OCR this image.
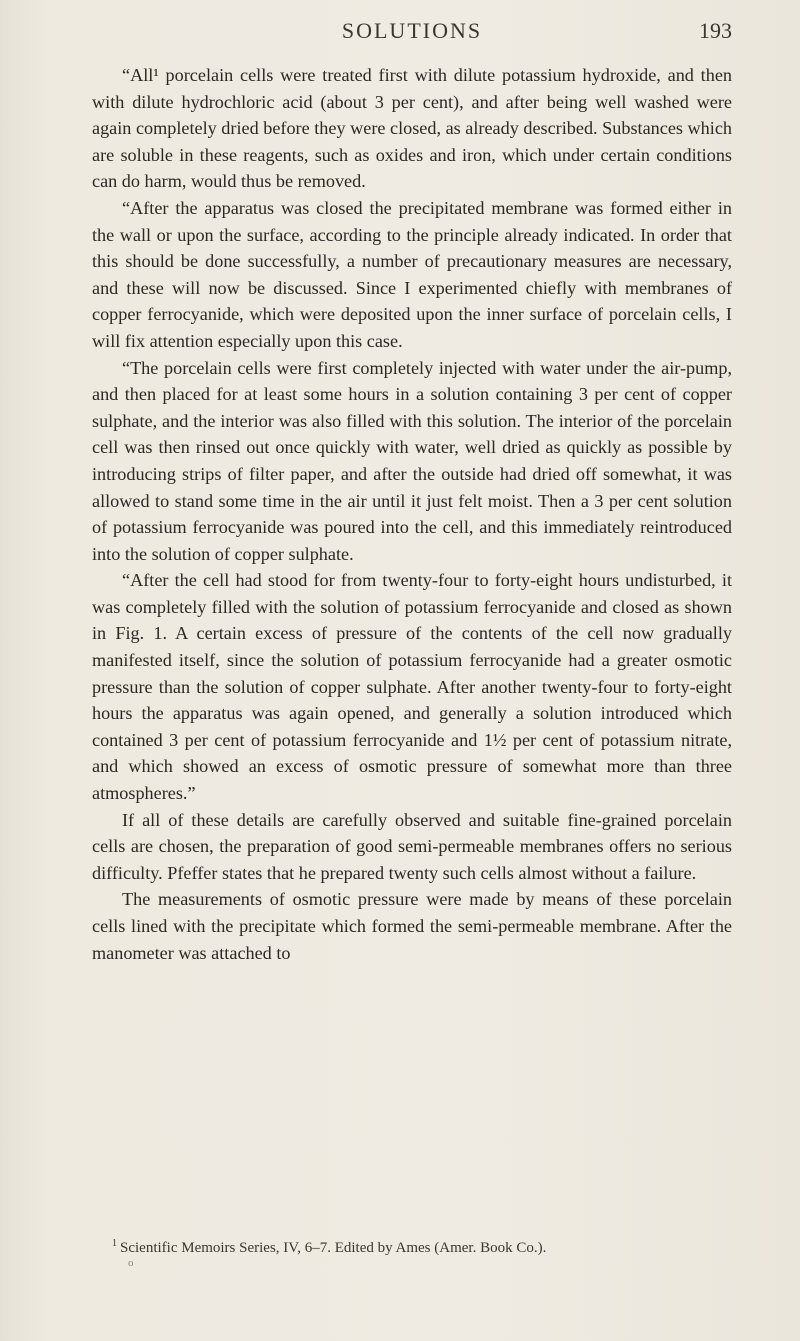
SOLUTIONS	193

“All¹ porcelain cells were treated first with dilute potassium hydroxide, and then with dilute hydrochloric acid (about 3 per cent), and after being well washed were again completely dried before they were closed, as already described. Substances which are soluble in these reagents, such as oxides and iron, which under certain conditions can do harm, would thus be removed.

“After the apparatus was closed the precipitated membrane was formed either in the wall or upon the surface, according to the principle already indicated. In order that this should be done successfully, a number of precautionary measures are necessary, and these will now be discussed. Since I experimented chiefly with membranes of copper ferrocyanide, which were deposited upon the inner surface of porcelain cells, I will fix attention especially upon this case.

“The porcelain cells were first completely injected with water under the air-pump, and then placed for at least some hours in a solution containing 3 per cent of copper sulphate, and the interior was also filled with this solution. The interior of the porcelain cell was then rinsed out once quickly with water, well dried as quickly as possible by introducing strips of filter paper, and after the outside had dried off somewhat, it was allowed to stand some time in the air until it just felt moist. Then a 3 per cent solution of potassium ferrocyanide was poured into the cell, and this immediately reintroduced into the solution of copper sulphate.

“After the cell had stood for from twenty-four to forty-eight hours undisturbed, it was completely filled with the solution of potassium ferrocyanide and closed as shown in Fig. 1. A certain excess of pressure of the contents of the cell now gradually manifested itself, since the solution of potassium ferrocyanide had a greater osmotic pressure than the solution of copper sulphate. After another twenty-four to forty-eight hours the apparatus was again opened, and generally a solution introduced which contained 3 per cent of potassium ferrocyanide and 1½ per cent of potassium nitrate, and which showed an excess of osmotic pressure of somewhat more than three atmospheres.”

If all of these details are carefully observed and suitable fine-grained porcelain cells are chosen, the preparation of good semi-permeable membranes offers no serious difficulty. Pfeffer states that he prepared twenty such cells almost without a failure.

The measurements of osmotic pressure were made by means of these porcelain cells lined with the precipitate which formed the semi-permeable membrane. After the manometer was attached to

$^1$ Scientific Memoirs Series, IV, 6–7. Edited by Ames (Amer. Book Co.).
o
